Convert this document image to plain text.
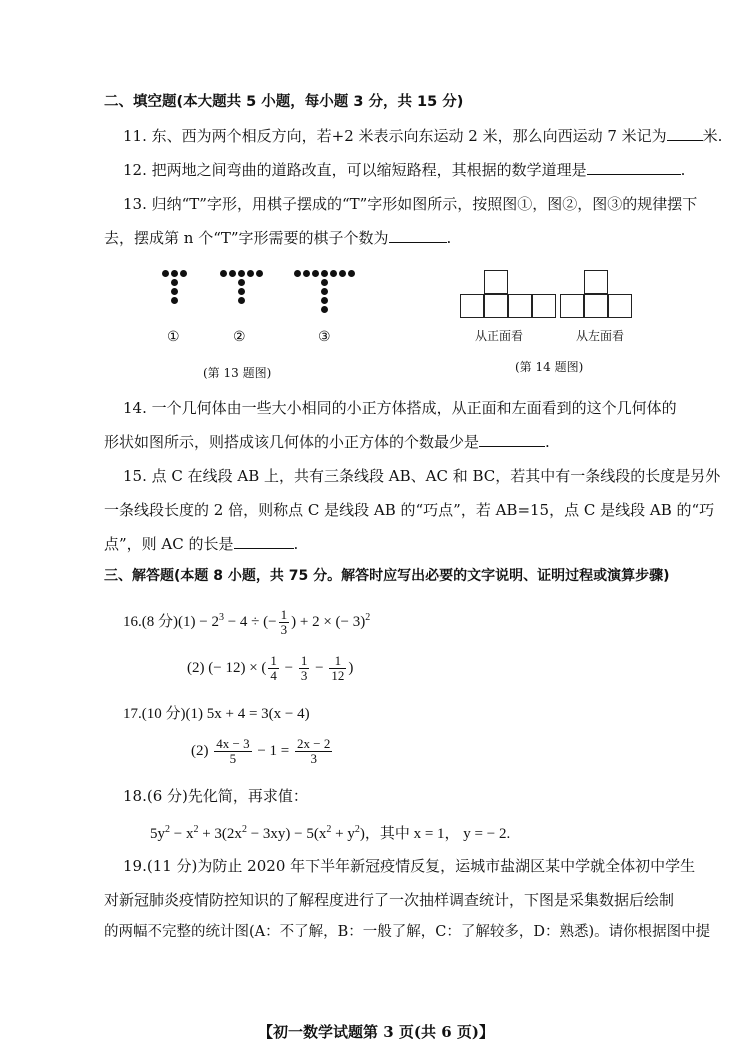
二、填空题(本大题共 5 小题，每小题 3 分，共 15 分)
11. 东、西为两个相反方向，若+2 米表示向东运动 2 米，那么向西运动 7 米记为 米.
12. 把两地之间弯曲的道路改直，可以缩短路程，其根据的数学道理是	.
13. 归纳“T”字形，用棋子摆成的“T”字形如图所示，按照图①，图②，图③的规律摆下
去，摆成第 n 个“T”字形需要的棋子个数为	.
①	②	③
(第 13 题图)
从正面看	从左面看
(第 14 题图)
14. 一个几何体由一些大小相同的小正方体搭成，从正面和左面看到的这个几何体的
形状如图所示，则搭成该几何体的小正方体的个数最少是	.
15. 点 C 在线段 AB 上，共有三条线段 AB、AC 和 BC，若其中有一条线段的长度是另外
一条线段长度的 2 倍，则称点 C 是线段 AB 的“巧点”，若 AB=15，点 C 是线段 AB 的“巧
点”，则 AC 的长是	.
三、解答题(本题 8 小题，共 75 分。解答时应写出必要的文字说明、证明过程或演算步骤)
16.(8 分)$(1) - 2^3 - 4$ ÷ (− $\frac{1}{3}$ ) + 2 × (− 3)$^2$
(2) (− 12) × ( $\frac{1}{4} - \frac{1}{3} - \frac{1}{12}$ )
17.(10 分)(1) 5x + 4 = 3(x − 4)
$(2) \frac{4x - 3}{5} - 1 = \frac{2x - 2}{3}$
18.(6 分)先化简，再求值：
$5y^2 - x^2 + 3(2x^2 - 3xy) - 5(x^2 + y^2)$，其中 x = 1， y = − 2.
19.(11 分)为防止 2020 年下半年新冠疫情反复，运城市盐湖区某中学就全体初中学生
对新冠肺炎疫情防控知识的了解程度进行了一次抽样调查统计，下图是采集数据后绘制
的两幅不完整的统计图(A：不了解，B：一般了解，C：了解较多，D：熟悉)。请你根据图中提
【初一数学试题第 3 页(共 6 页)】
